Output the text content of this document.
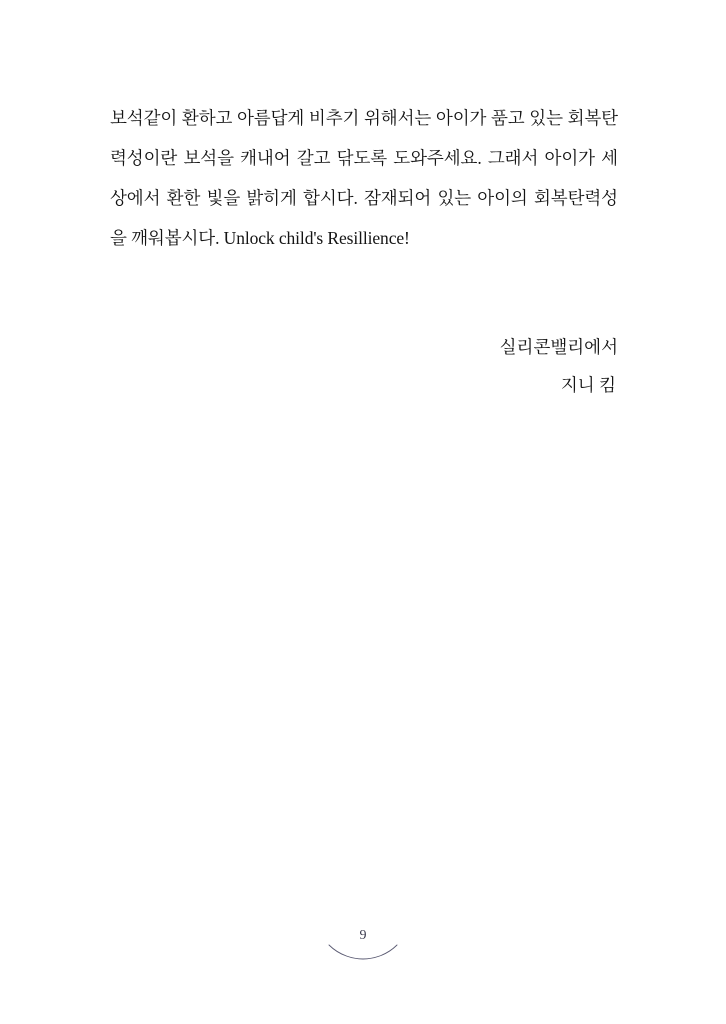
보석같이 환하고 아름답게 비추기 위해서는 아이가 품고 있는 회복탄력성이란 보석을 캐내어 갈고 닦도록 도와주세요. 그래서 아이가 세상에서 환한 빛을 밝히게 합시다. 잠재되어 있는 아이의 회복탄력성을 깨워봅시다. Unlock child's Resillience!

실리콘밸리에서
지니 킴
9
